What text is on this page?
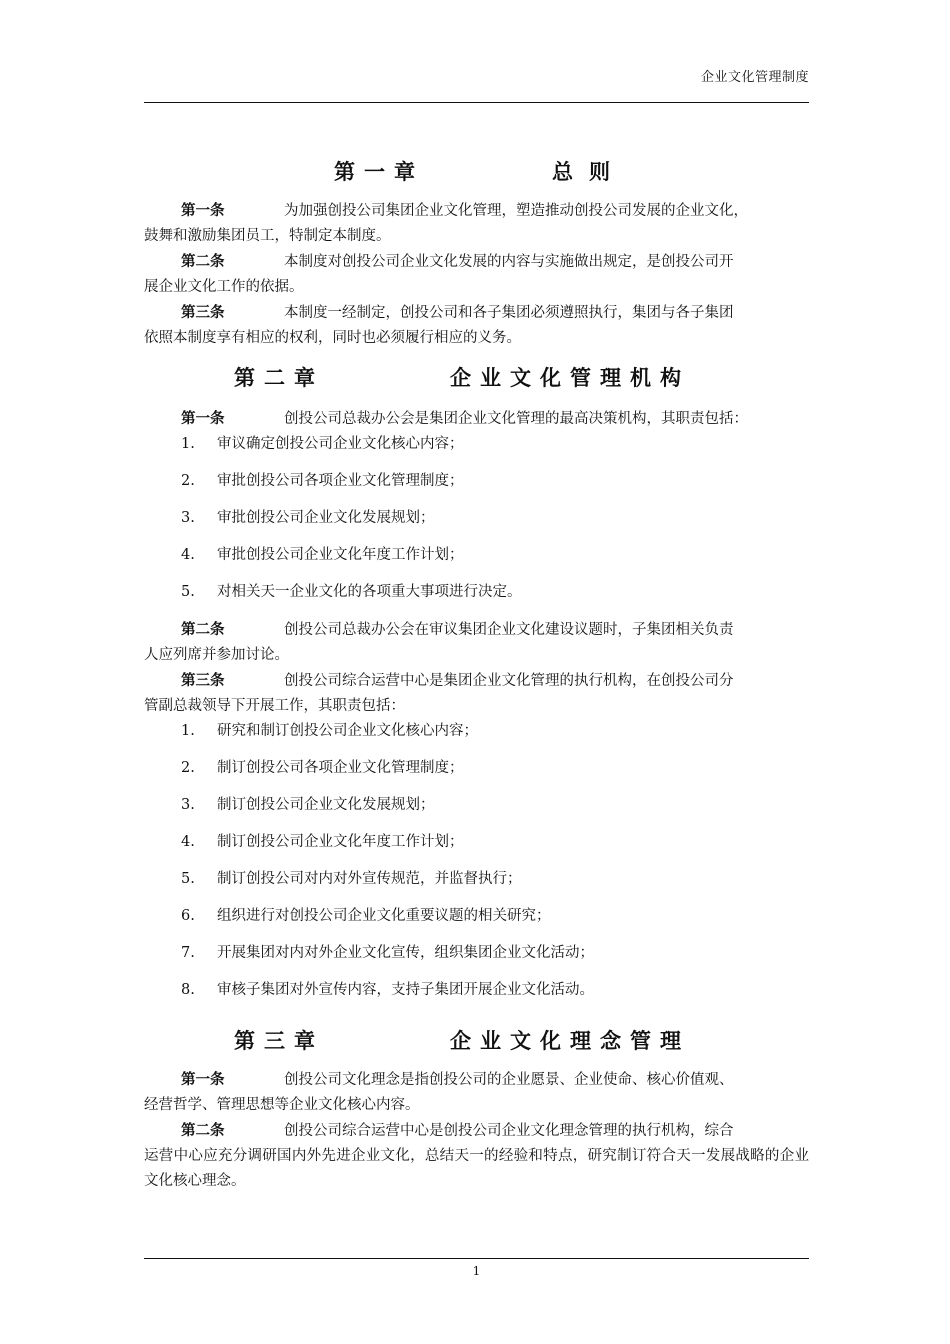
企业文化管理制度
第一章	总则
第一条	为加强创投公司集团企业文化管理，塑造推动创投公司发展的企业文化，
鼓舞和激励集团员工，特制定本制度。
第二条	本制度对创投公司企业文化发展的内容与实施做出规定，是创投公司开
展企业文化工作的依据。
第三条	本制度一经制定，创投公司和各子集团必须遵照执行，集团与各子集团
依照本制度享有相应的权利，同时也必须履行相应的义务。
第二章	企业文化管理机构
第一条	创投公司总裁办公会是集团企业文化管理的最高决策机构，其职责包括：
1. 审议确定创投公司企业文化核心内容；
2. 审批创投公司各项企业文化管理制度；
3. 审批创投公司企业文化发展规划；
4. 审批创投公司企业文化年度工作计划；
5. 对相关天一企业文化的各项重大事项进行决定。
第二条	创投公司总裁办公会在审议集团企业文化建设议题时，子集团相关负责
人应列席并参加讨论。
第三条	创投公司综合运营中心是集团企业文化管理的执行机构，在创投公司分
管副总裁领导下开展工作，其职责包括：
1. 研究和制订创投公司企业文化核心内容；
2. 制订创投公司各项企业文化管理制度；
3. 制订创投公司企业文化发展规划；
4. 制订创投公司企业文化年度工作计划；
5. 制订创投公司对内对外宣传规范，并监督执行；
6. 组织进行对创投公司企业文化重要议题的相关研究；
7. 开展集团对内对外企业文化宣传，组织集团企业文化活动；
8. 审核子集团对外宣传内容，支持子集团开展企业文化活动。
第三章	企业文化理念管理
第一条	创投公司文化理念是指创投公司的企业愿景、企业使命、核心价值观、
经营哲学、管理思想等企业文化核心内容。
第二条	创投公司综合运营中心是创投公司企业文化理念管理的执行机构，综合
运营中心应充分调研国内外先进企业文化，总结天一的经验和特点，研究制订符合天一发展战略的企业文化核心理念。
1
